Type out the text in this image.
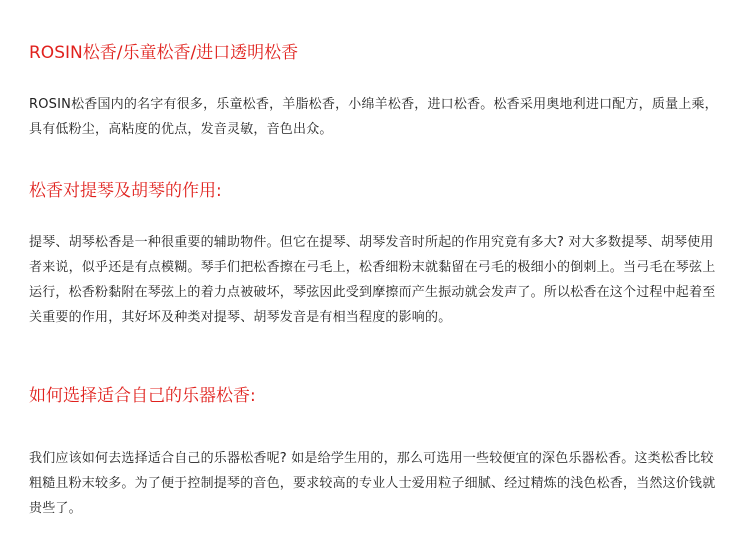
ROSIN松香/乐童松香/进口透明松香

ROSIN松香国内的名字有很多，乐童松香，羊脂松香，小绵羊松香，进口松香。松香采用奥地利进口配方，质量上乘，具有低粉尘，高粘度的优点，发音灵敏，音色出众。

松香对提琴及胡琴的作用:

提琴、胡琴松香是一种很重要的辅助物件。但它在提琴、胡琴发音时所起的作用究竟有多大? 对大多数提琴、胡琴使用者来说，似乎还是有点模糊。琴手们把松香擦在弓毛上，松香细粉末就黏留在弓毛的极细小的倒刺上。当弓毛在琴弦上运行，松香粉黏附在琴弦上的着力点被破坏，琴弦因此受到摩擦而产生振动就会发声了。所以松香在这个过程中起着至关重要的作用，其好坏及种类对提琴、胡琴发音是有相当程度的影响的。

如何选择适合自己的乐器松香:

我们应该如何去选择适合自己的乐器松香呢? 如是给学生用的，那么可选用一些较便宜的深色乐器松香。这类松香比较粗糙且粉末较多。为了便于控制提琴的音色，要求较高的专业人士爱用粒子细腻、经过精炼的浅色松香，当然这价钱就贵些了。
